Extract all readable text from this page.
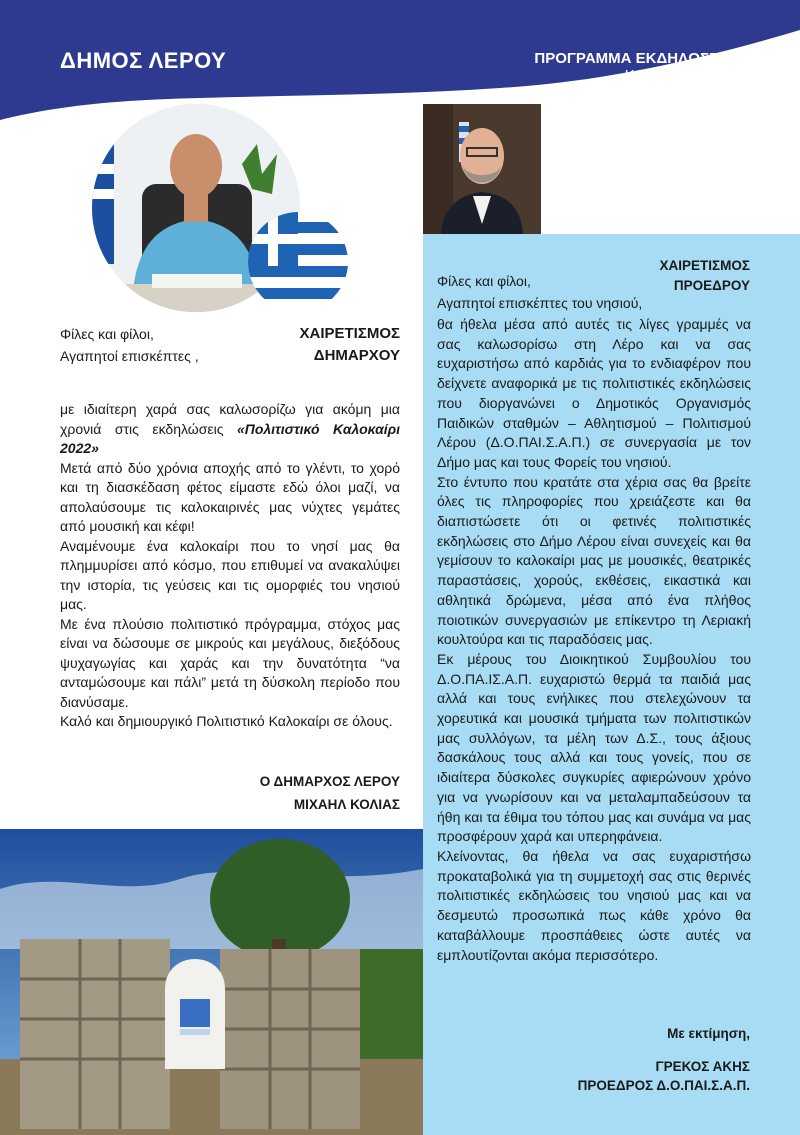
ΔΗΜΟΣ ΛΕΡΟΥ	ΠΡΟΓΡΑΜΜΑ ΕΚΔΗΛΩΣΕΩΝ
ΚΑΛΟΚΑΙΡΙ 2022
Φίλες και φίλοι,
Αγαπητοί επισκέπτες ,
ΧΑΙΡΕΤΙΣΜΟΣ
ΔΗΜΑΡΧΟΥ

με ιδιαίτερη χαρά σας καλωσορίζω για ακόμη μια χρονιά στις εκδηλώσεις «Πολιτιστικό Καλοκαίρι 2022»

Μετά από δύο χρόνια αποχής από το γλέντι, το χορό και τη διασκέδαση φέτος είμαστε εδώ όλοι μαζί, να απολαύσουμε τις καλοκαιρινές μας νύχτες γεμάτες από μουσική και κέφι!

Αναμένουμε ένα καλοκαίρι που το νησί μας θα πλημμυρίσει από κόσμο, που επιθυμεί να ανακαλύψει την ιστορία, τις γεύσεις και τις ομορφιές του νησιού μας.

Με ένα πλούσιο πολιτιστικό πρόγραμμα, στόχος μας είναι να δώσουμε σε μικρούς και μεγάλους, διεξόδους ψυχαγωγίας και χαράς και την δυνατότητα “να ανταμώσουμε και πάλι” μετά τη δύσκολη περίοδο που διανύσαμε.

Καλό και δημιουργικό Πολιτιστικό Καλοκαίρι σε όλους.

Ο ΔΗΜΑΡΧΟΣ ΛΕΡΟΥ
ΜΙΧΑΗΛ ΚΟΛΙΑΣ
ΧΑΙΡΕΤΙΣΜΟΣ
ΠΡΟΕΔΡΟΥ
Φίλες και φίλοι,
Αγαπητοί επισκέπτες του νησιού,

θα ήθελα μέσα από αυτές τις λίγες γραμμές να σας καλωσορίσω στη Λέρο και να σας ευχαριστήσω από καρδιάς για το ενδιαφέρον που δείχνετε αναφορικά με τις πολιτιστικές εκδηλώσεις που διοργανώνει ο Δημοτικός Οργανισμός Παιδικών σταθμών – Αθλητισμού – Πολιτισμού Λέρου (Δ.Ο.ΠΑΙ.Σ.Α.Π.) σε συνεργασία με τον Δήμο μας και τους Φορείς του νησιού.

Στο έντυπο που κρατάτε στα χέρια σας θα βρείτε όλες τις πληροφορίες που χρειάζεστε και θα διαπιστώσετε ότι οι φετινές πολιτιστικές εκδηλώσεις στο Δήμο Λέρου είναι συνεχείς και θα γεμίσουν το καλοκαίρι μας με μουσικές, θεατρικές παραστάσεις, χορούς, εκθέσεις, εικαστικά και αθλητικά δρώμενα, μέσα από ένα πλήθος ποιοτικών συνεργασιών με επίκεντρο τη Λεριακή κουλτούρα και τις παραδόσεις μας.

Εκ μέρους του Διοικητικού Συμβουλίου του Δ.Ο.ΠΑ.ΙΣ.Α.Π. ευχαριστώ θερμά τα παιδιά μας αλλά και τους ενήλικες που στελεχώνουν τα χορευτικά και μουσικά τμήματα των πολιτιστικών μας συλλόγων, τα μέλη των Δ.Σ., τους άξιους δασκάλους τους αλλά και τους γονείς, που σε ιδιαίτερα δύσκολες συγκυρίες αφιερώνουν χρόνο για να γνωρίσουν και να μεταλαμπαδεύσουν τα ήθη και τα έθιμα του τόπου μας και συνάμα να μας προσφέρουν χαρά και υπερηφάνεια.

Κλείνοντας, θα ήθελα να σας ευχαριστήσω προκαταβολικά για τη συμμετοχή σας στις θερινές πολιτιστικές εκδηλώσεις του νησιού μας και να δεσμευτώ προσωπικά πως κάθε χρόνο θα καταβάλλουμε προσπάθειες ώστε αυτές να εμπλουτίζονται ακόμα περισσότερο.

Με εκτίμηση,
ΓΡΕΚΟΣ ΑΚΗΣ
ΠΡΟΕΔΡΟΣ Δ.Ο.ΠΑΙ.Σ.Α.Π.
